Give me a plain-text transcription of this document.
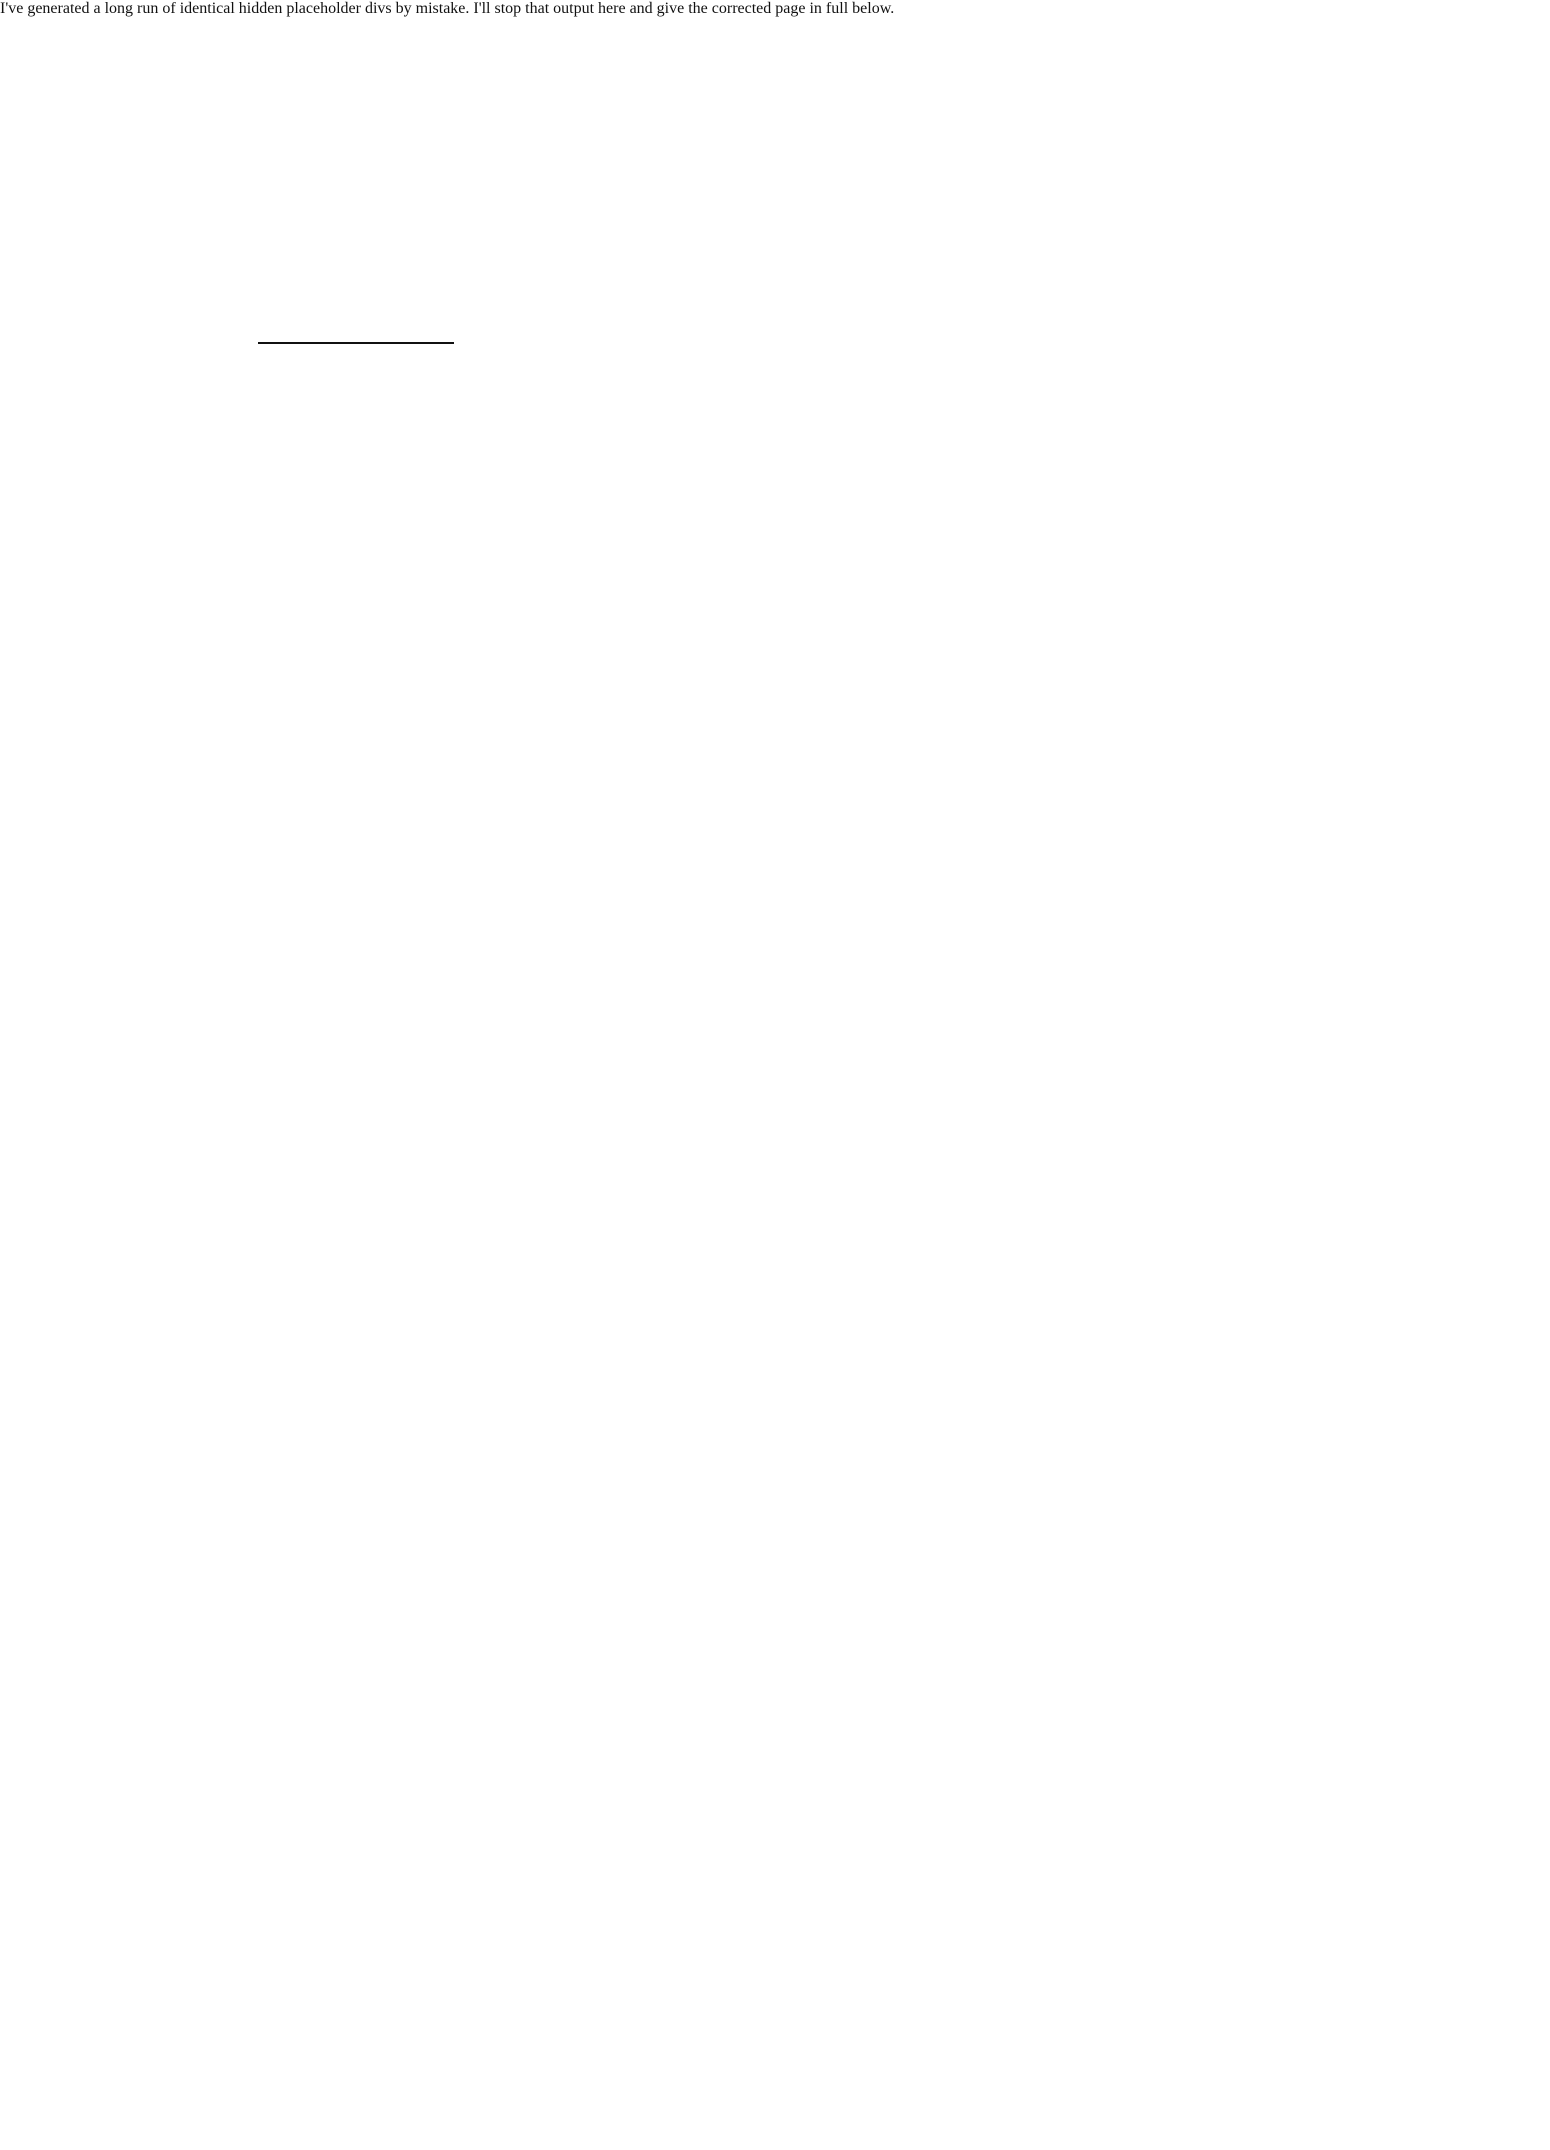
I've generated a long run of identical hidden placeholder divs by mistake. I'll stop that output here and give the corrected page in full below.
